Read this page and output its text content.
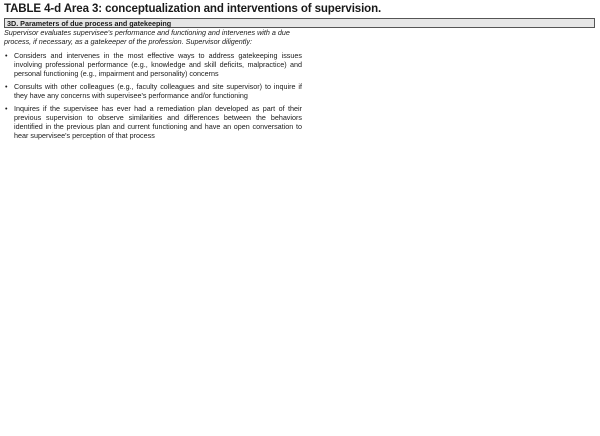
TABLE 4-d Area 3: conceptualization and interventions of supervision.
3D. Parameters of due process and gatekeeping

Supervisor evaluates supervisee's performance and functioning and intervenes with a due process, if necessary, as a gatekeeper of the profession. Supervisor diligently:

• Considers and intervenes in the most effective ways to address gatekeeping issues involving professional performance (e.g., knowledge and skill deficits, malpractice) and personal functioning (e.g., impairment and personality) concerns
• Consults with other colleagues (e.g., faculty colleagues and site supervisor) to inquire if they have any concerns with supervisee's performance and/or functioning
• Inquires if the supervisee has ever had a remediation plan developed as part of their previous supervision to observe similarities and differences between the behaviors identified in the previous plan and current functioning and have an open conversation to hear supervisee's perception of that process
